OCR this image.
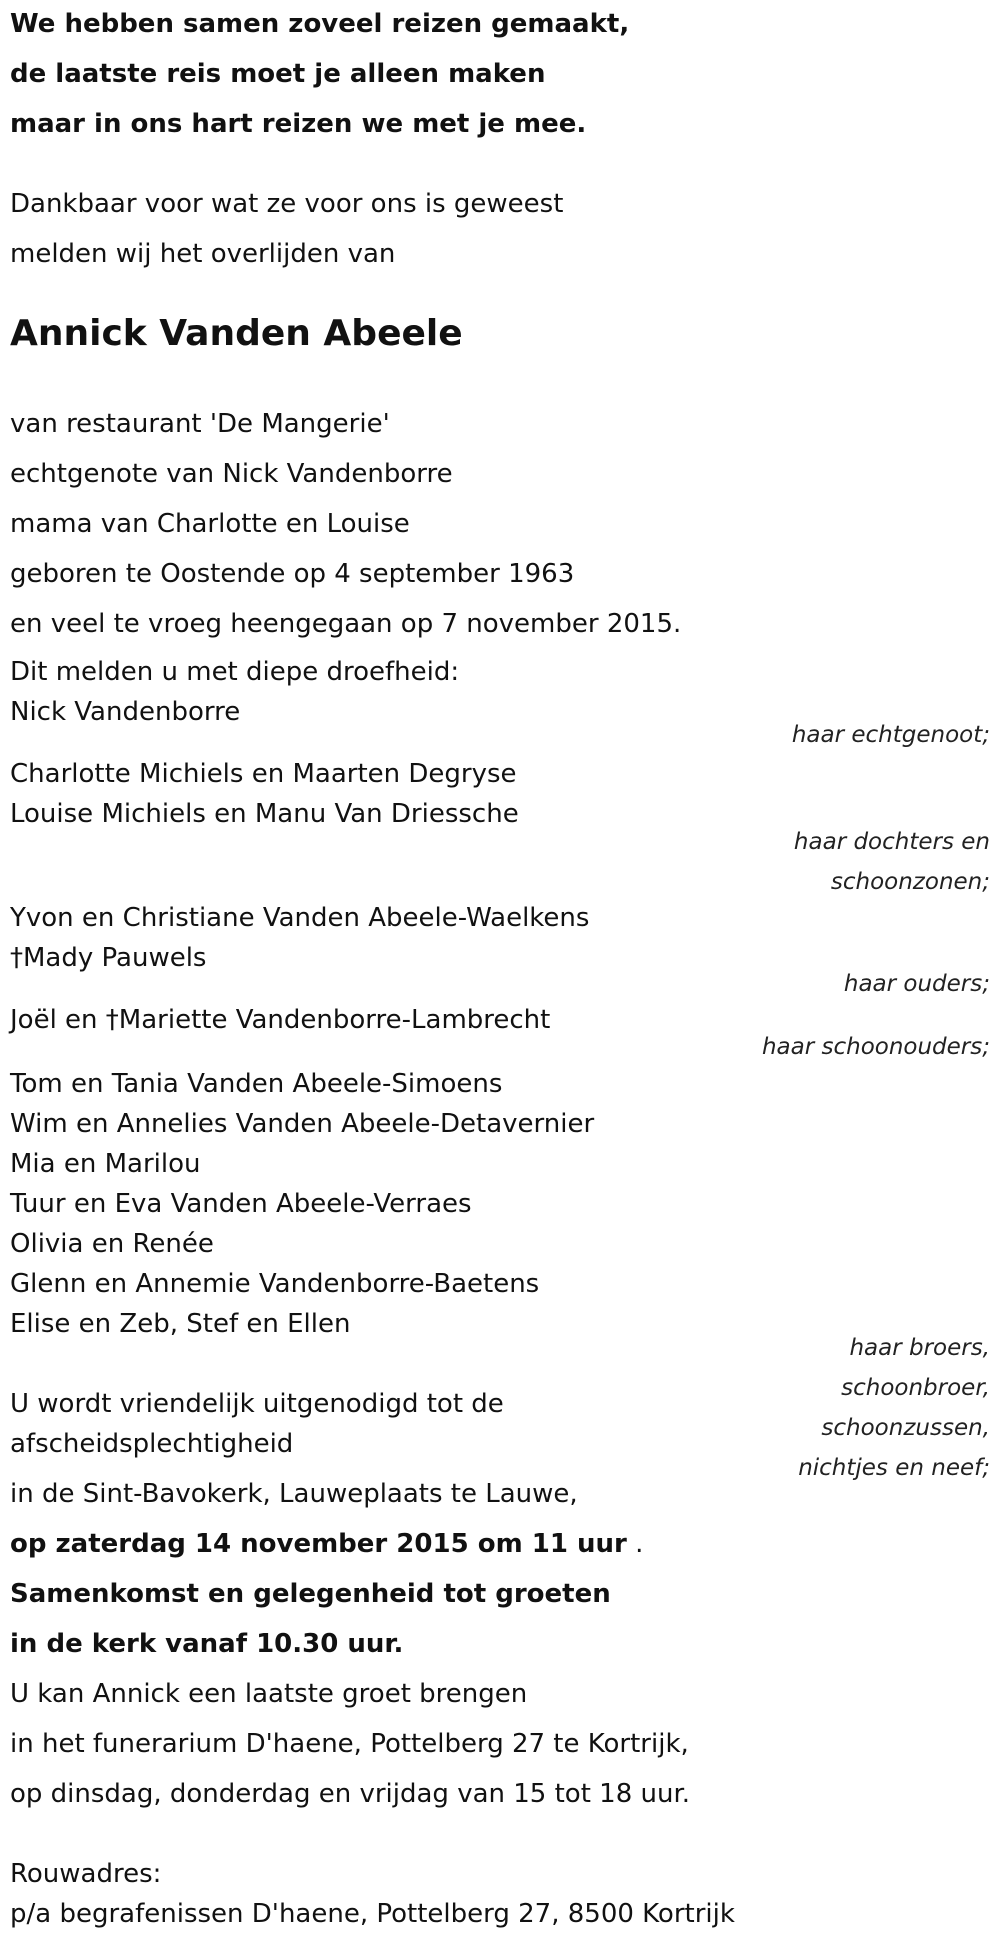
We hebben samen zoveel reizen gemaakt,
de laatste reis moet je alleen maken
maar in ons hart reizen we met je mee.
Dankbaar voor wat ze voor ons is geweest
melden wij het overlijden van
Annick Vanden Abeele
van restaurant 'De Mangerie'
echtgenote van Nick Vandenborre
mama van Charlotte en Louise
geboren te Oostende op 4 september 1963
en veel te vroeg heengegaan op 7 november 2015.
Dit melden u met diepe droefheid:
Nick Vandenborre
haar echtgenoot;
Charlotte Michiels en Maarten Degryse
Louise Michiels en Manu Van Driessche
haar dochters en
schoonzonen;
Yvon en Christiane Vanden Abeele-Waelkens
†Mady Pauwels
haar ouders;
Joël en †Mariette Vandenborre-Lambrecht
haar schoonouders;
Tom en Tania Vanden Abeele-Simoens
Wim en Annelies Vanden Abeele-Detavernier
Mia en Marilou
Tuur en Eva Vanden Abeele-Verraes
Olivia en Renée
Glenn en Annemie Vandenborre-Baetens
Elise en Zeb, Stef en Ellen
haar broers,
schoonbroer,
schoonzussen,
nichtjes en neef;
U wordt vriendelijk uitgenodigd tot de
afscheidsplechtigheid
in de Sint-Bavokerk, Lauweplaats te Lauwe,
op zaterdag 14 november 2015 om 11 uur .
Samenkomst en gelegenheid tot groeten
in de kerk vanaf 10.30 uur.
U kan Annick een laatste groet brengen
in het funerarium D'haene, Pottelberg 27 te Kortrijk,
op dinsdag, donderdag en vrijdag van 15 tot 18 uur.
Rouwadres:
p/a begrafenissen D'haene, Pottelberg 27, 8500 Kortrijk
